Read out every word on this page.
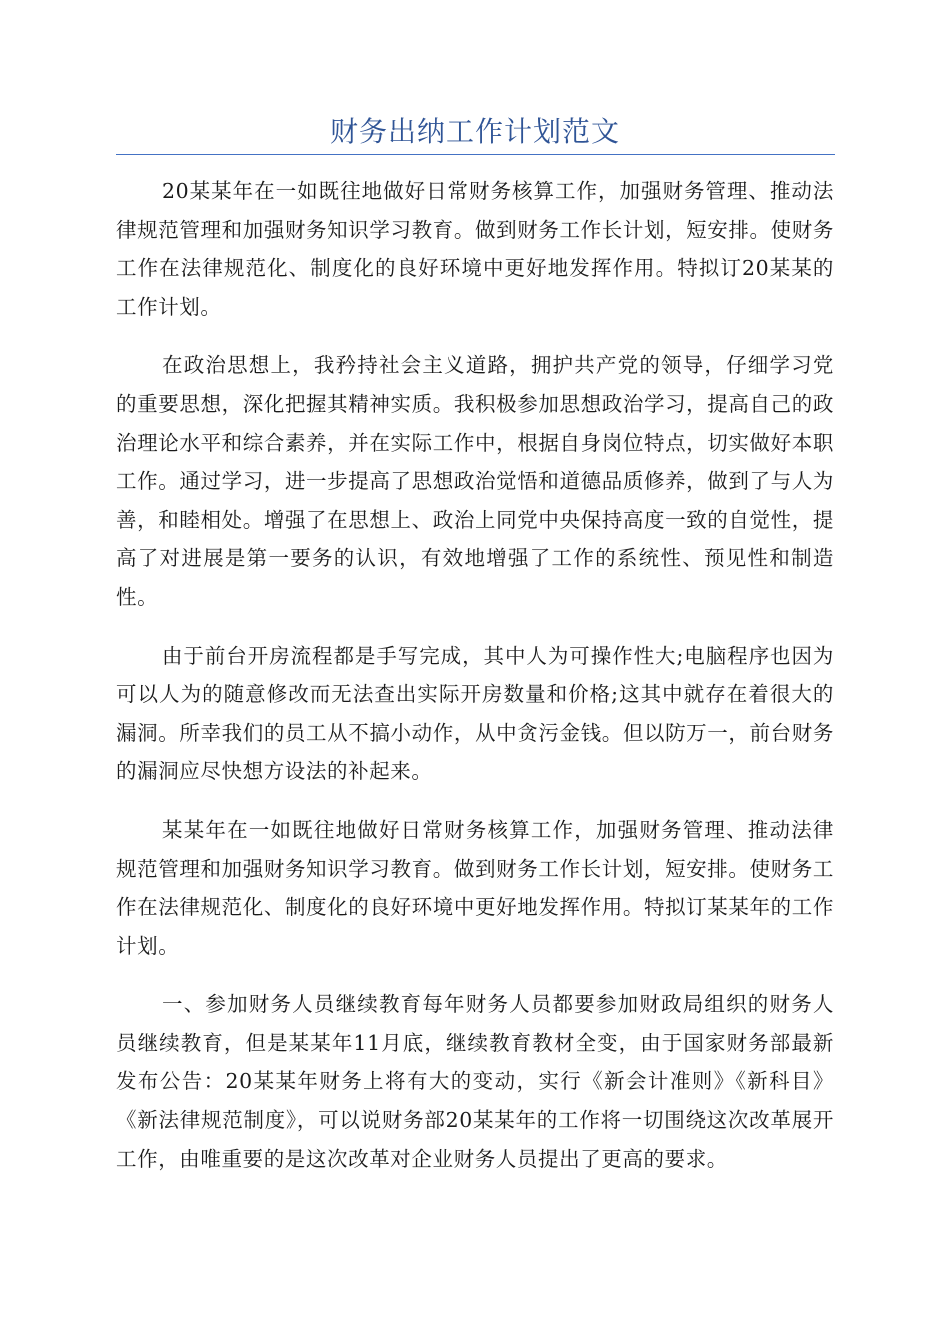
财务出纳工作计划范文

20某某年在一如既往地做好日常财务核算工作，加强财务管理、推动法律规范管理和加强财务知识学习教育。做到财务工作长计划，短安排。使财务工作在法律规范化、制度化的良好环境中更好地发挥作用。特拟订20某某的工作计划。

在政治思想上，我矜持社会主义道路，拥护共产党的领导，仔细学习党的重要思想，深化把握其精神实质。我积极参加思想政治学习，提高自己的政治理论水平和综合素养，并在实际工作中，根据自身岗位特点，切实做好本职工作。通过学习，进一步提高了思想政治觉悟和道德品质修养，做到了与人为善，和睦相处。增强了在思想上、政治上同党中央保持高度一致的自觉性，提高了对进展是第一要务的认识，有效地增强了工作的系统性、预见性和制造性。

由于前台开房流程都是手写完成，其中人为可操作性大;电脑程序也因为可以人为的随意修改而无法查出实际开房数量和价格;这其中就存在着很大的漏洞。所幸我们的员工从不搞小动作，从中贪污金钱。但以防万一，前台财务的漏洞应尽快想方设法的补起来。

某某年在一如既往地做好日常财务核算工作，加强财务管理、推动法律规范管理和加强财务知识学习教育。做到财务工作长计划，短安排。使财务工作在法律规范化、制度化的良好环境中更好地发挥作用。特拟订某某年的工作计划。

一、参加财务人员继续教育每年财务人员都要参加财政局组织的财务人员继续教育，但是某某年11月底，继续教育教材全变，由于国家财务部最新发布公告：20某某年财务上将有大的变动，实行《新会计准则》《新科目》《新法律规范制度》，可以说财务部20某某年的工作将一切围绕这次改革展开工作，由唯重要的是这次改革对企业财务人员提出了更高的要求。
